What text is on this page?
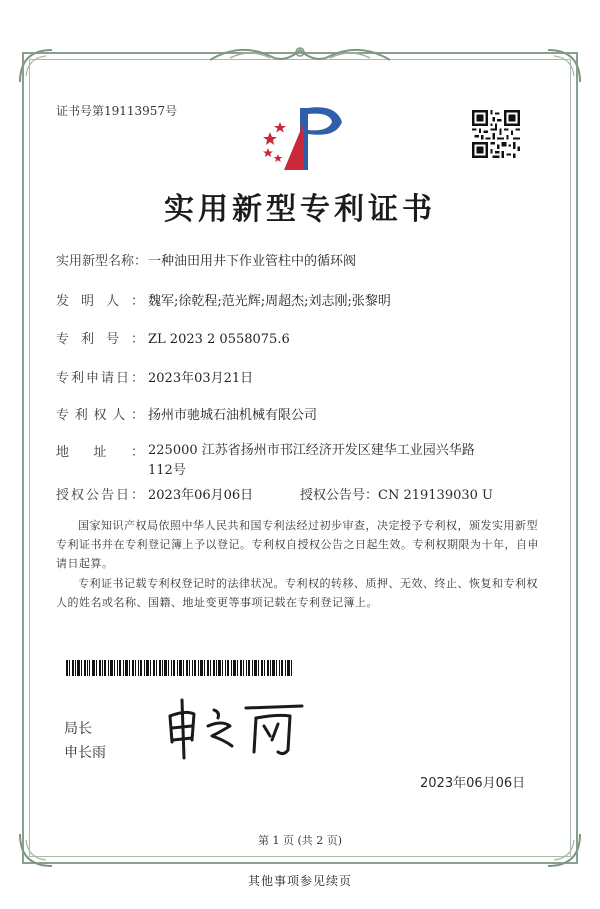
证书号第19113957号
实用新型专利证书
实用新型名称：一种油田用井下作业管柱中的循环阀
发明人： 魏军;徐乾程;范光辉;周超杰;刘志刚;张黎明
专利号： ZL 2023 2 0558075.6
专利申请日： 2023年03月21日
专利权人： 扬州市驰城石油机械有限公司
地址： 225000 江苏省扬州市邗江经济开发区建华工业园兴华路112号
授权公告日： 2023年06月06日	授权公告号：CN 219139030 U
国家知识产权局依照中华人民共和国专利法经过初步审查，决定授予专利权，颁发实用新型专利证书并在专利登记簿上予以登记。专利权自授权公告之日起生效。专利权期限为十年，自申请日起算。
专利证书记载专利权登记时的法律状况。专利权的转移、质押、无效、终止、恢复和专利权人的姓名或名称、国籍、地址变更等事项记载在专利登记簿上。
局长
申长雨
2023年06月06日
第 1 页 (共 2 页)
其他事项参见续页
